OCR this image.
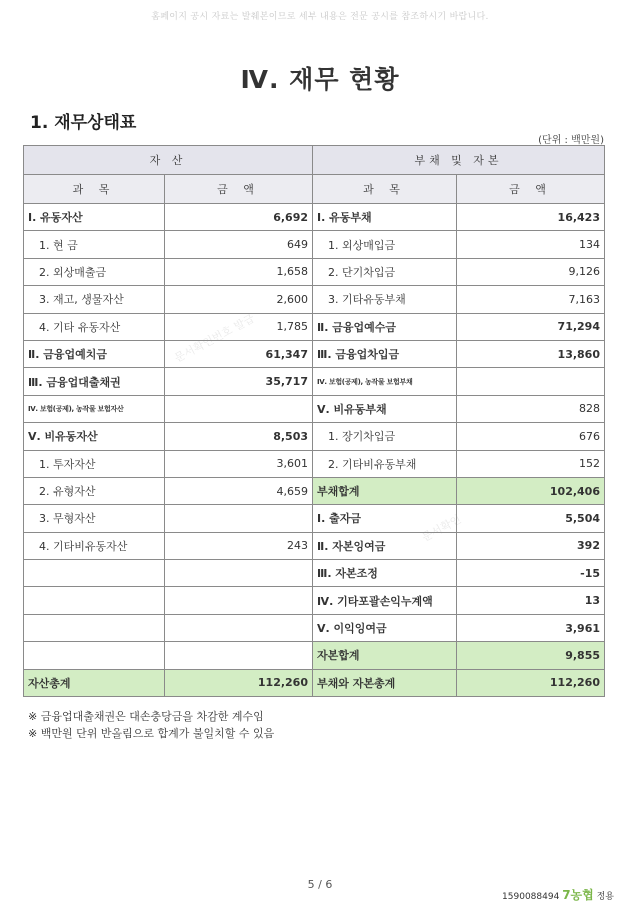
홈페이지 공시 자료는 발췌본이므로 세부 내용은 전문 공시를 참조하시기 바랍니다.
문서확인번호 발급
문서확인
Ⅳ. 재무 현황
1. 재무상태표
(단위 : 백만원)
자 산		부채 및 자본	
과 목	금 액	과 목	금 액
Ⅰ. 유동자산	6,692	Ⅰ. 유동부채	16,423
1. 현 금	649	1. 외상매입금	134
2. 외상매출금	1,658	2. 단기차입금	9,126
3. 재고, 생물자산	2,600	3. 기타유동부채	7,163
4. 기타 유동자산	1,785	Ⅱ. 금융업예수금	71,294
Ⅱ. 금융업예치금	61,347	Ⅲ. 금융업차입금	13,860
Ⅲ. 금융업대출채권	35,717	Ⅳ. 보험(공제), 농작물 보험부채	
Ⅳ. 보험(공제), 농작물 보험자산		Ⅴ. 비유동부채	828
Ⅴ. 비유동자산	8,503	1. 장기차입금	676
1. 투자자산	3,601	2. 기타비유동부채	152
2. 유형자산	4,659	부채합계	102,406
3. 무형자산		Ⅰ. 출자금	5,504
4. 기타비유동자산	243	Ⅱ. 자본잉여금	392
		Ⅲ. 자본조정	-15
		Ⅳ. 기타포괄손익누계액	13
		Ⅴ. 이익잉여금	3,961
		자본합계	9,855
자산총계	112,260	부채와 자본총계	112,260
※ 금융업대출채권은 대손충당금을 차감한 계수임
※ 백만원 단위 반올림으로 합계가 불일치할 수 있음
5 / 6
1590088494 7농협 정용
